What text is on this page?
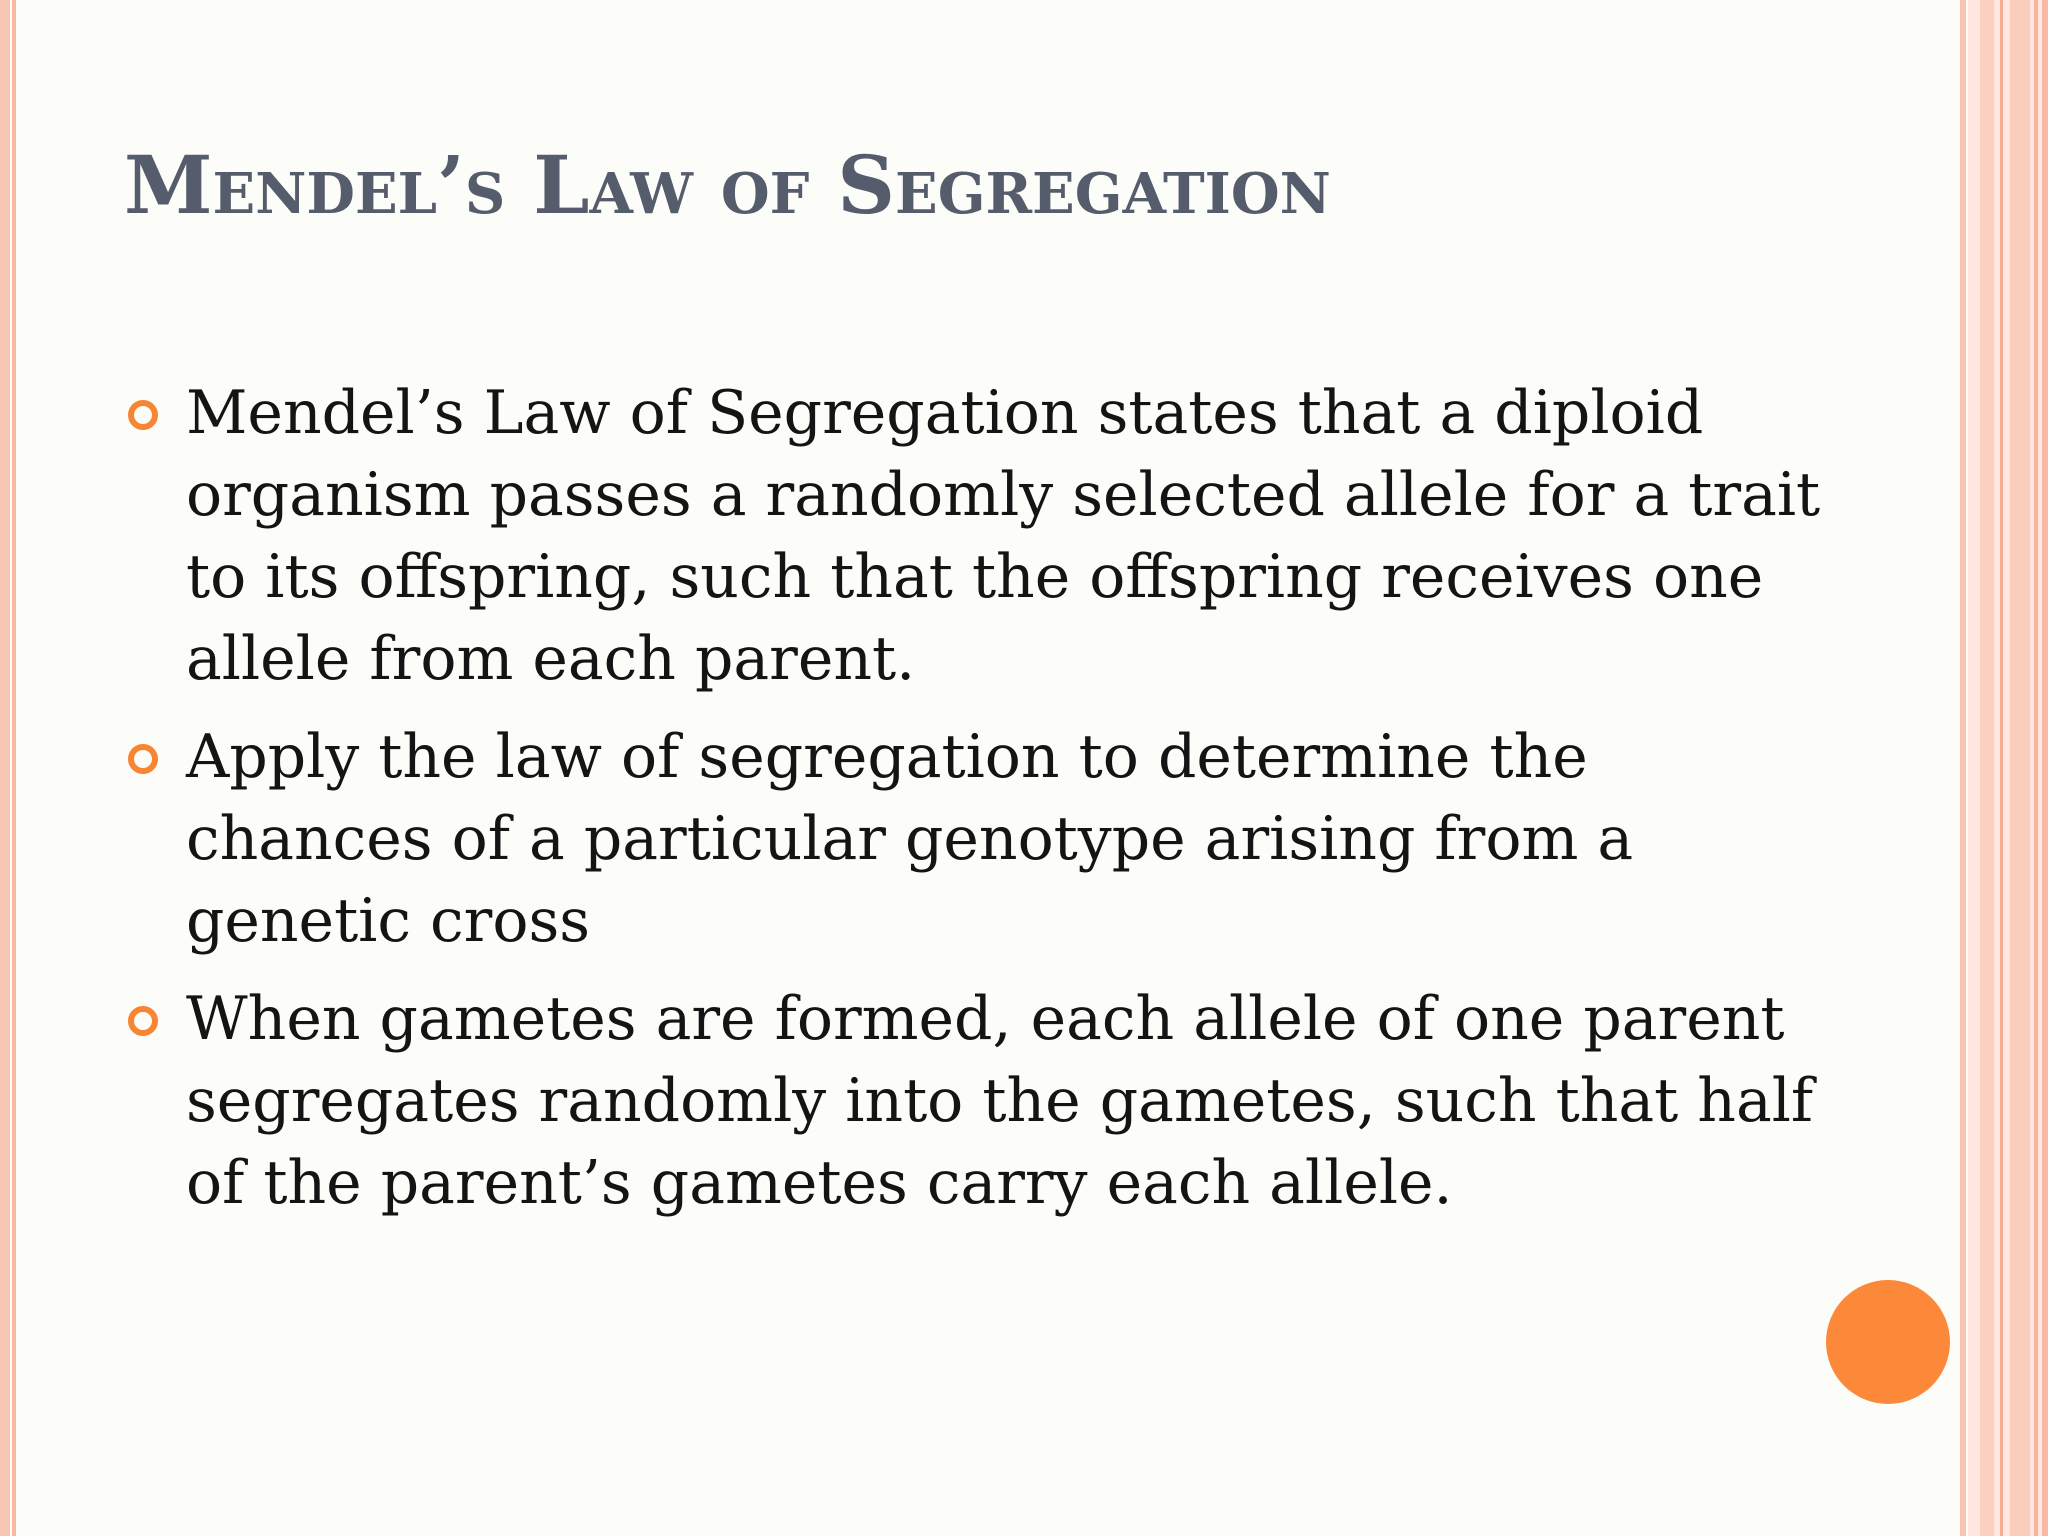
Mendel’s Law of Segregation
Mendel’s Law of Segregation states that a diploid organism passes a randomly selected allele for a trait to its offspring, such that the offspring receives one allele from each parent.
Apply the law of segregation to determine the chances of a particular genotype arising from a genetic cross
When gametes are formed, each allele of one parent segregates randomly into the gametes, such that half of the parent’s gametes carry each allele.
